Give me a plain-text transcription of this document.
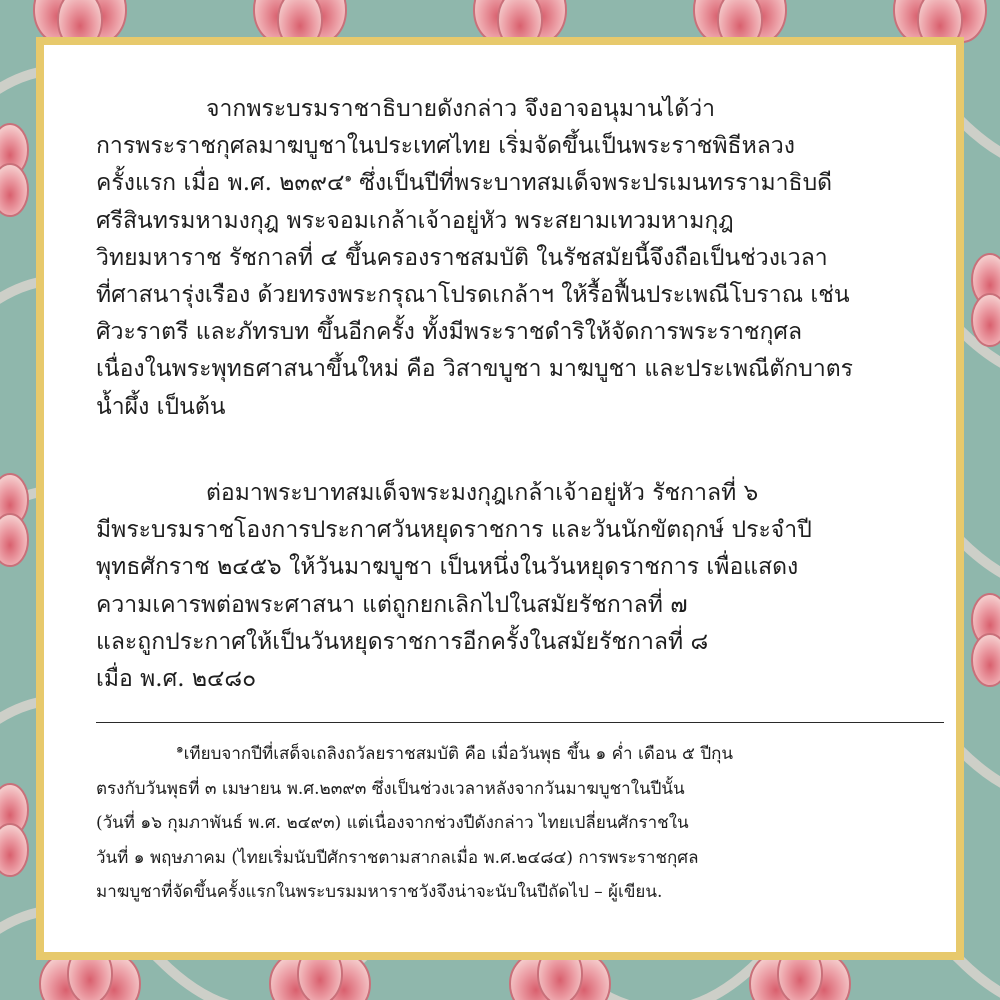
จากพระบรมราชาธิบายดังกล่าว จึงอาจอนุมานได้ว่า
การพระราชกุศลมาฆบูชาในประเทศไทย เริ่มจัดขึ้นเป็นพระราชพิธีหลวง
ครั้งแรก เมื่อ พ.ศ. ๒๓๙๔$^๑$ ซึ่งเป็นปีที่พระบาทสมเด็จพระปรเมนทรรามาธิบดี
ศรีสินทรมหามงกุฎ พระจอมเกล้าเจ้าอยู่หัว พระสยามเทวมหามกุฎ
วิทยมหาราช รัชกาลที่ ๔ ขึ้นครองราชสมบัติ ในรัชสมัยนี้จึงถือเป็นช่วงเวลา
ที่ศาสนารุ่งเรือง ด้วยทรงพระกรุณาโปรดเกล้าฯ ให้รื้อฟื้นประเพณีโบราณ เช่น
ศิวะราตรี และภัทรบท ขึ้นอีกครั้ง ทั้งมีพระราชดำริให้จัดการพระราชกุศล
เนื่องในพระพุทธศาสนาขึ้นใหม่ คือ วิสาขบูชา มาฆบูชา และประเพณีตักบาตร
น้ำผึ้ง เป็นต้น

ต่อมาพระบาทสมเด็จพระมงกุฎเกล้าเจ้าอยู่หัว รัชกาลที่ ๖
มีพระบรมราชโองการประกาศวันหยุดราชการ และวันนักขัตฤกษ์ ประจำปี
พุทธศักราช ๒๔๕๖ ให้วันมาฆบูชา เป็นหนึ่งในวันหยุดราชการ เพื่อแสดง
ความเคารพต่อพระศาสนา แต่ถูกยกเลิกไปในสมัยรัชกาลที่ ๗
และถูกประกาศให้เป็นวันหยุดราชการอีกครั้งในสมัยรัชกาลที่ ๘
เมื่อ พ.ศ. ๒๔๘๐

$^๑$เทียบจากปีที่เสด็จเถลิงถวัลยราชสมบัติ คือ เมื่อวันพุธ ขึ้น ๑ ค่ำ เดือน ๕ ปีกุน
ตรงกับวันพุธที่ ๓ เมษายน พ.ศ.๒๓๙๓ ซึ่งเป็นช่วงเวลาหลังจากวันมาฆบูชาในปีนั้น
(วันที่ ๑๖ กุมภาพันธ์ พ.ศ. ๒๔๙๓) แต่เนื่องจากช่วงปีดังกล่าว ไทยเปลี่ยนศักราชใน
วันที่ ๑ พฤษภาคม (ไทยเริ่มนับปีศักราชตามสากลเมื่อ พ.ศ.๒๔๘๔) การพระราชกุศล
มาฆบูชาที่จัดขึ้นครั้งแรกในพระบรมมหาราชวังจึงน่าจะนับในปีถัดไป – ผู้เขียน.
